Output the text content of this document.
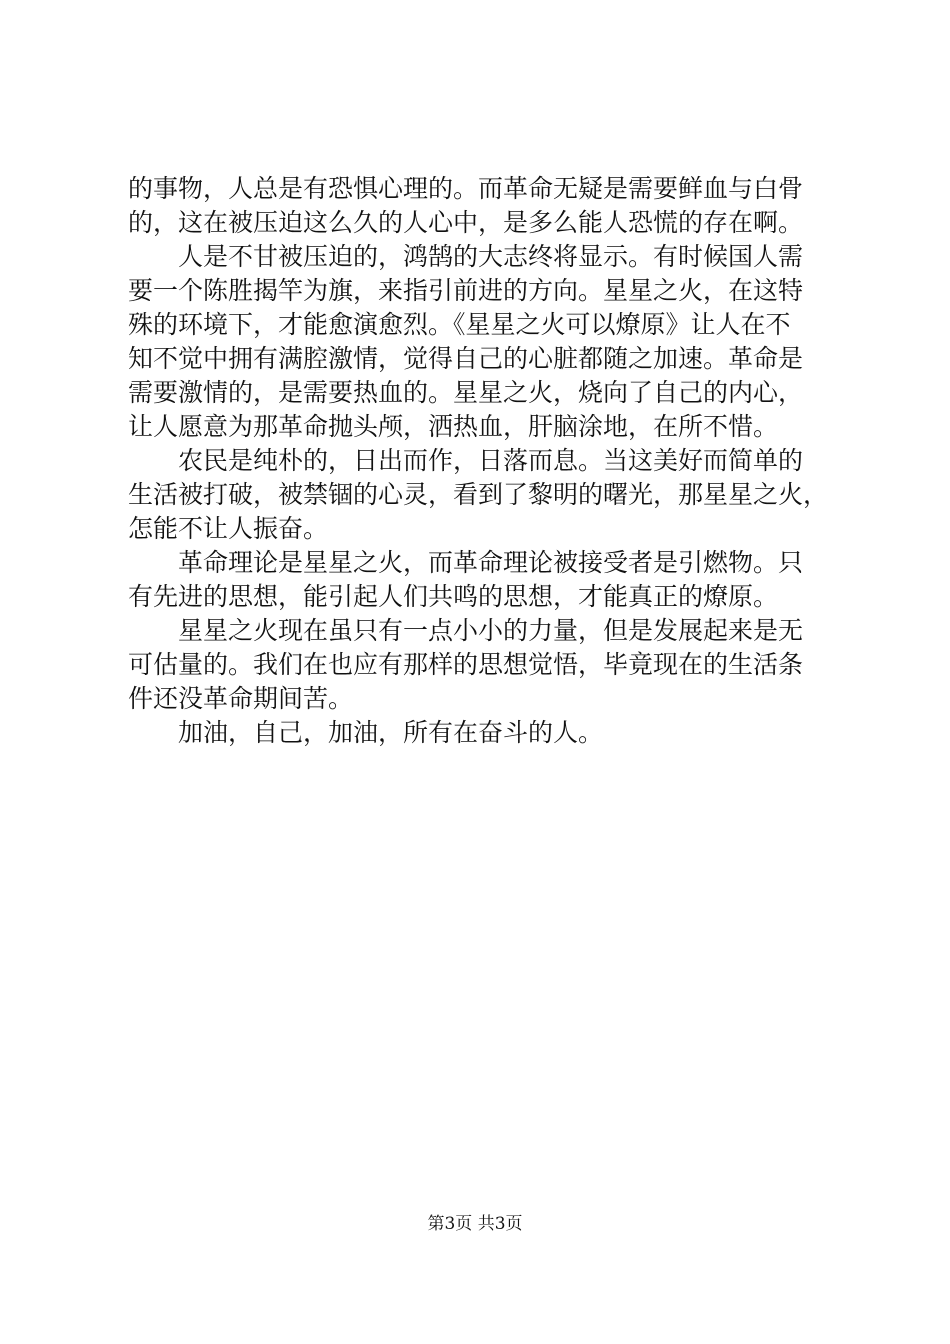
的事物，人总是有恐惧心理的。而革命无疑是需要鲜血与白骨
的，这在被压迫这么久的人心中，是多么能人恐慌的存在啊。
　　人是不甘被压迫的，鸿鹄的大志终将显示。有时候国人需
要一个陈胜揭竿为旗，来指引前进的方向。星星之火，在这特
殊的环境下，才能愈演愈烈。《星星之火可以燎原》让人在不
知不觉中拥有满腔激情，觉得自己的心脏都随之加速。革命是
需要激情的，是需要热血的。星星之火，烧向了自己的内心，
让人愿意为那革命抛头颅，洒热血，肝脑涂地，在所不惜。
　　农民是纯朴的，日出而作，日落而息。当这美好而简单的
生活被打破，被禁锢的心灵，看到了黎明的曙光，那星星之火，
怎能不让人振奋。
　　革命理论是星星之火，而革命理论被接受者是引燃物。只
有先进的思想，能引起人们共鸣的思想，才能真正的燎原。
　　星星之火现在虽只有一点小小的力量，但是发展起来是无
可估量的。我们在也应有那样的思想觉悟，毕竟现在的生活条
件还没革命期间苦。
　　加油，自己，加油，所有在奋斗的人。
第3页 共3页
